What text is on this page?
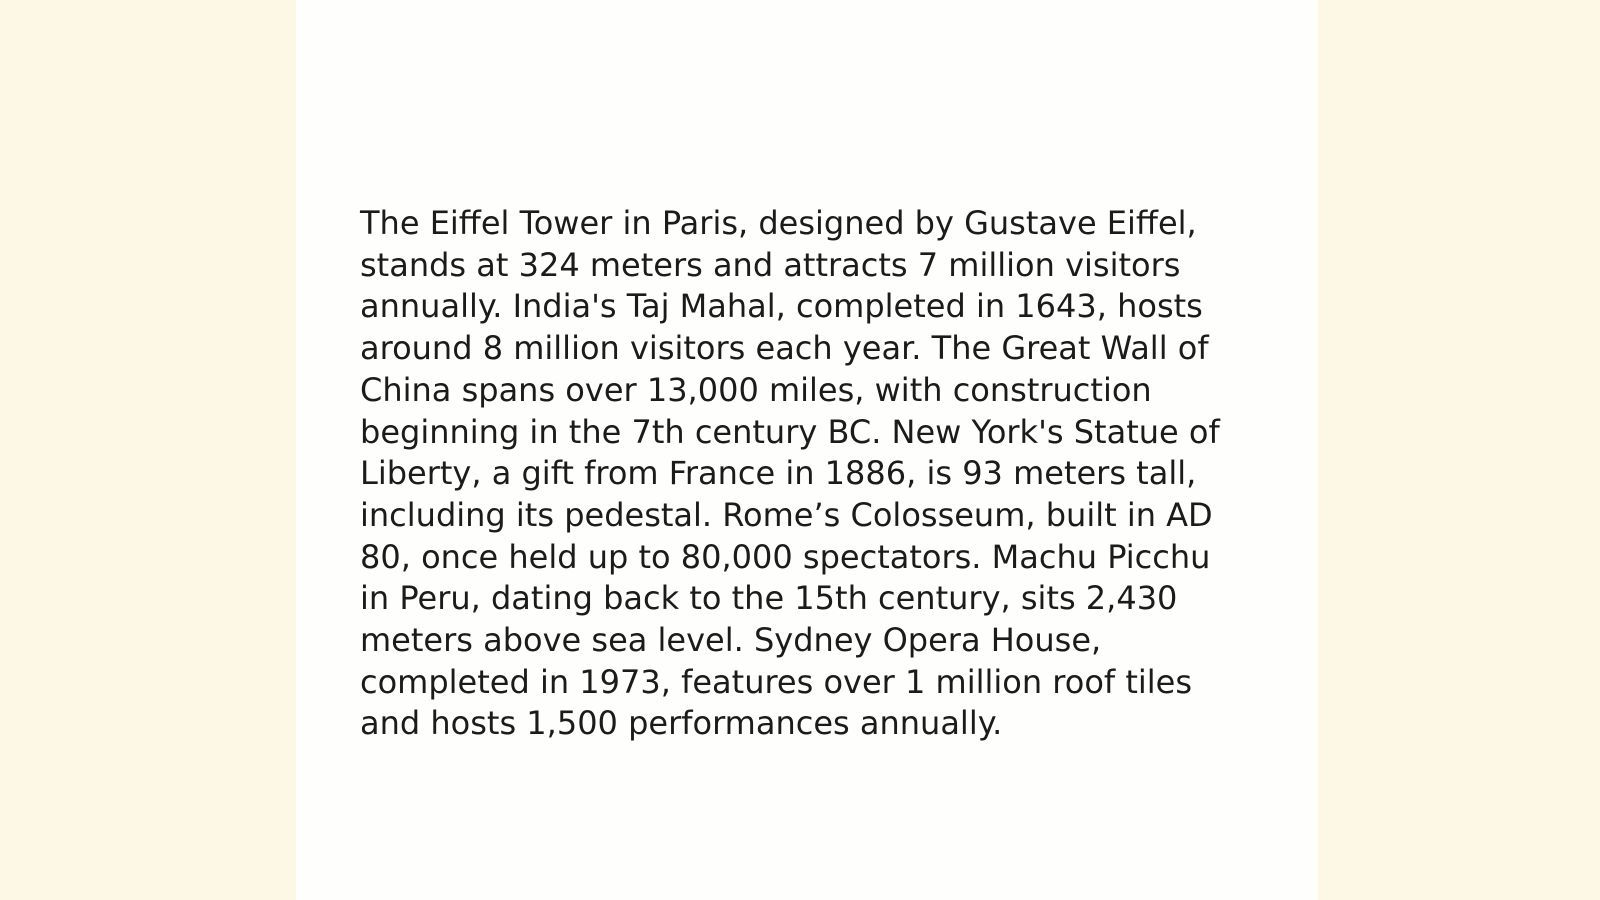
The Eiffel Tower in Paris, designed by Gustave Eiffel,
stands at 324 meters and attracts 7 million visitors
annually. India's Taj Mahal, completed in 1643, hosts
around 8 million visitors each year. The Great Wall of
China spans over 13,000 miles, with construction
beginning in the 7th century BC. New York's Statue of
Liberty, a gift from France in 1886, is 93 meters tall,
including its pedestal. Rome’s Colosseum, built in AD
80, once held up to 80,000 spectators. Machu Picchu
in Peru, dating back to the 15th century, sits 2,430
meters above sea level. Sydney Opera House,
completed in 1973, features over 1 million roof tiles
and hosts 1,500 performances annually.
